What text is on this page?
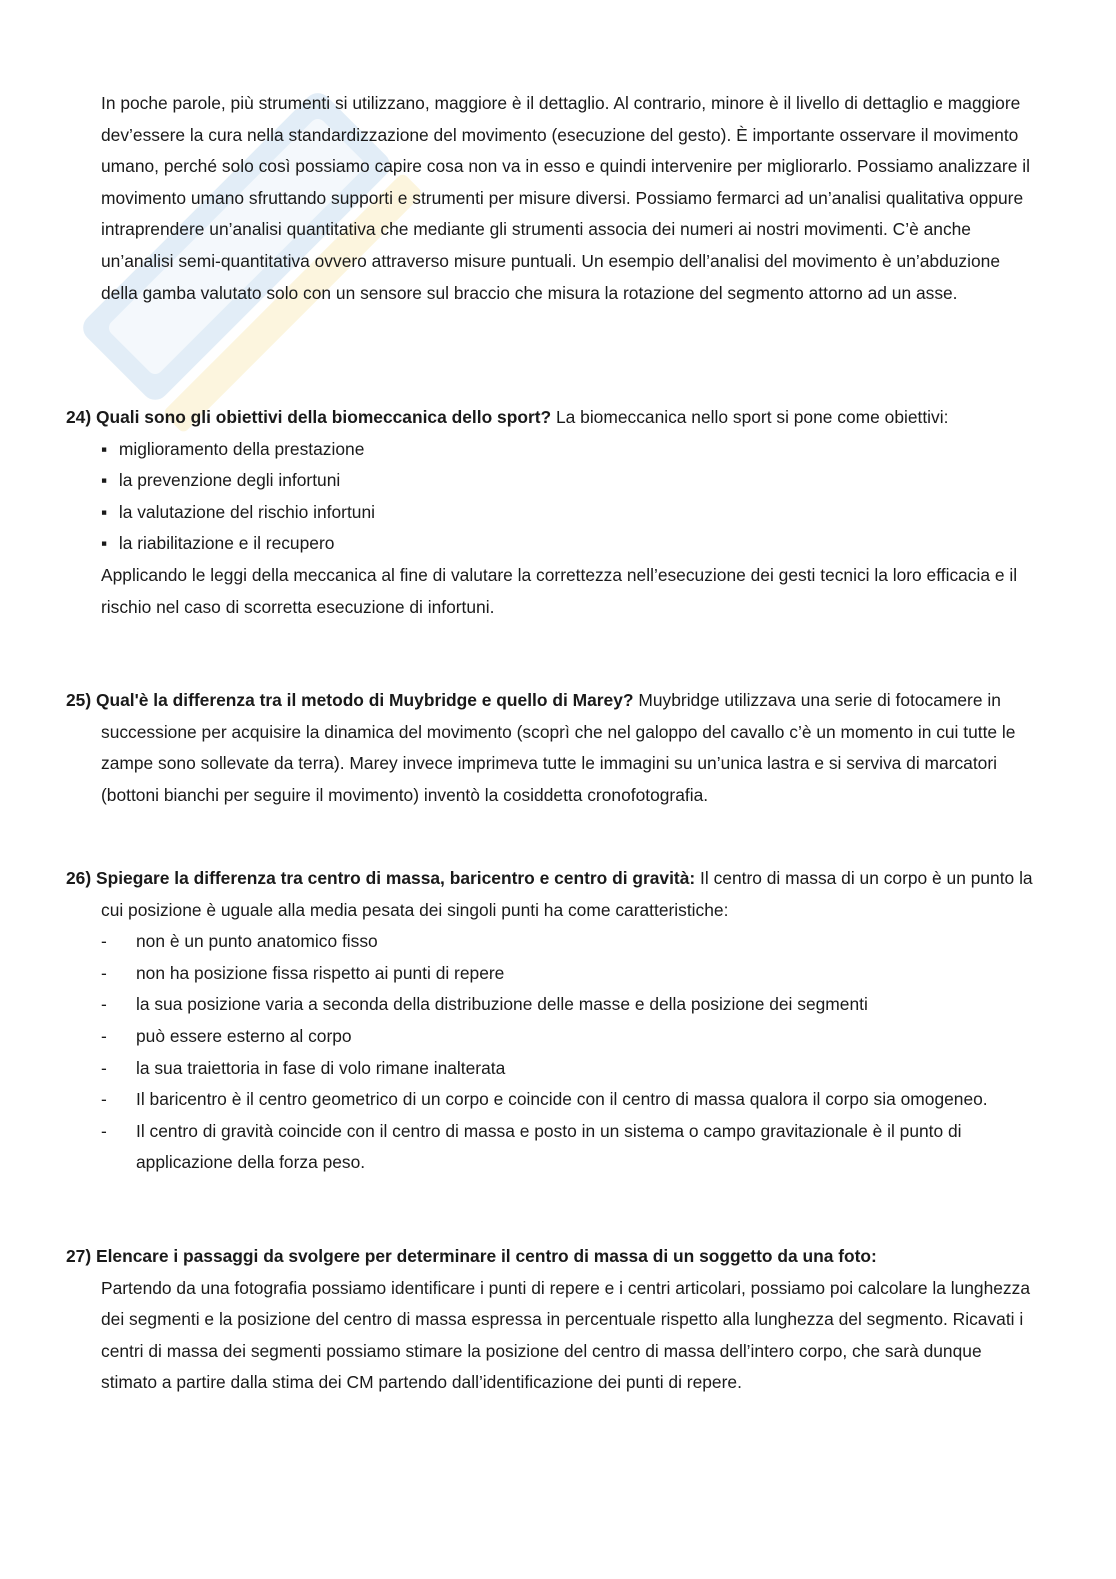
In poche parole, più strumenti si utilizzano, maggiore è il dettaglio. Al contrario, minore è il livello di dettaglio e maggiore dev’essere la cura nella standardizzazione del movimento (esecuzione del gesto). È importante osservare il movimento umano, perché solo così possiamo capire cosa non va in esso e quindi intervenire per migliorarlo. Possiamo analizzare il movimento umano sfruttando supporti e strumenti per misure diversi. Possiamo fermarci ad un’analisi qualitativa oppure intraprendere un’analisi quantitativa che mediante gli strumenti associa dei numeri ai nostri movimenti. C’è anche un’analisi semi-quantitativa ovvero attraverso misure puntuali. Un esempio dell’analisi del movimento è un’abduzione della gamba valutato solo con un sensore sul braccio che misura la rotazione del segmento attorno ad un asse.

24) Quali sono gli obiettivi della biomeccanica dello sport? La biomeccanica nello sport si pone come obiettivi:
▪ miglioramento della prestazione
▪ la prevenzione degli infortuni
▪ la valutazione del rischio infortuni
▪ la riabilitazione e il recupero
Applicando le leggi della meccanica al fine di valutare la correttezza nell’esecuzione dei gesti tecnici la loro efficacia e il rischio nel caso di scorretta esecuzione di infortuni.
25) Qual'è la differenza tra il metodo di Muybridge e quello di Marey? Muybridge utilizzava una serie di fotocamere in successione per acquisire la dinamica del movimento (scoprì che nel galoppo del cavallo c’è un momento in cui tutte le zampe sono sollevate da terra). Marey invece imprimeva tutte le immagini su un’unica lastra e si serviva di marcatori (bottoni bianchi per seguire il movimento) inventò la cosiddetta cronofotografia.
26) Spiegare la differenza tra centro di massa, baricentro e centro di gravità: Il centro di massa di un corpo è un punto la cui posizione è uguale alla media pesata dei singoli punti ha come caratteristiche:
-	non è un punto anatomico fisso
-	non ha posizione fissa rispetto ai punti di repere
-	la sua posizione varia a seconda della distribuzione delle masse e della posizione dei segmenti
-	può essere esterno al corpo
-	la sua traiettoria in fase di volo rimane inalterata
-	Il baricentro è il centro geometrico di un corpo e coincide con il centro di massa qualora il corpo sia omogeneo.
-	Il centro di gravità coincide con il centro di massa e posto in un sistema o campo gravitazionale è il punto di applicazione della forza peso.
27) Elencare i passaggi da svolgere per determinare il centro di massa di un soggetto da una foto:
Partendo da una fotografia possiamo identificare i punti di repere e i centri articolari, possiamo poi calcolare la lunghezza dei segmenti e la posizione del centro di massa espressa in percentuale rispetto alla lunghezza del segmento. Ricavati i centri di massa dei segmenti possiamo stimare la posizione del centro di massa dell’intero corpo, che sarà dunque stimato a partire dalla stima dei CM partendo dall’identificazione dei punti di repere.
